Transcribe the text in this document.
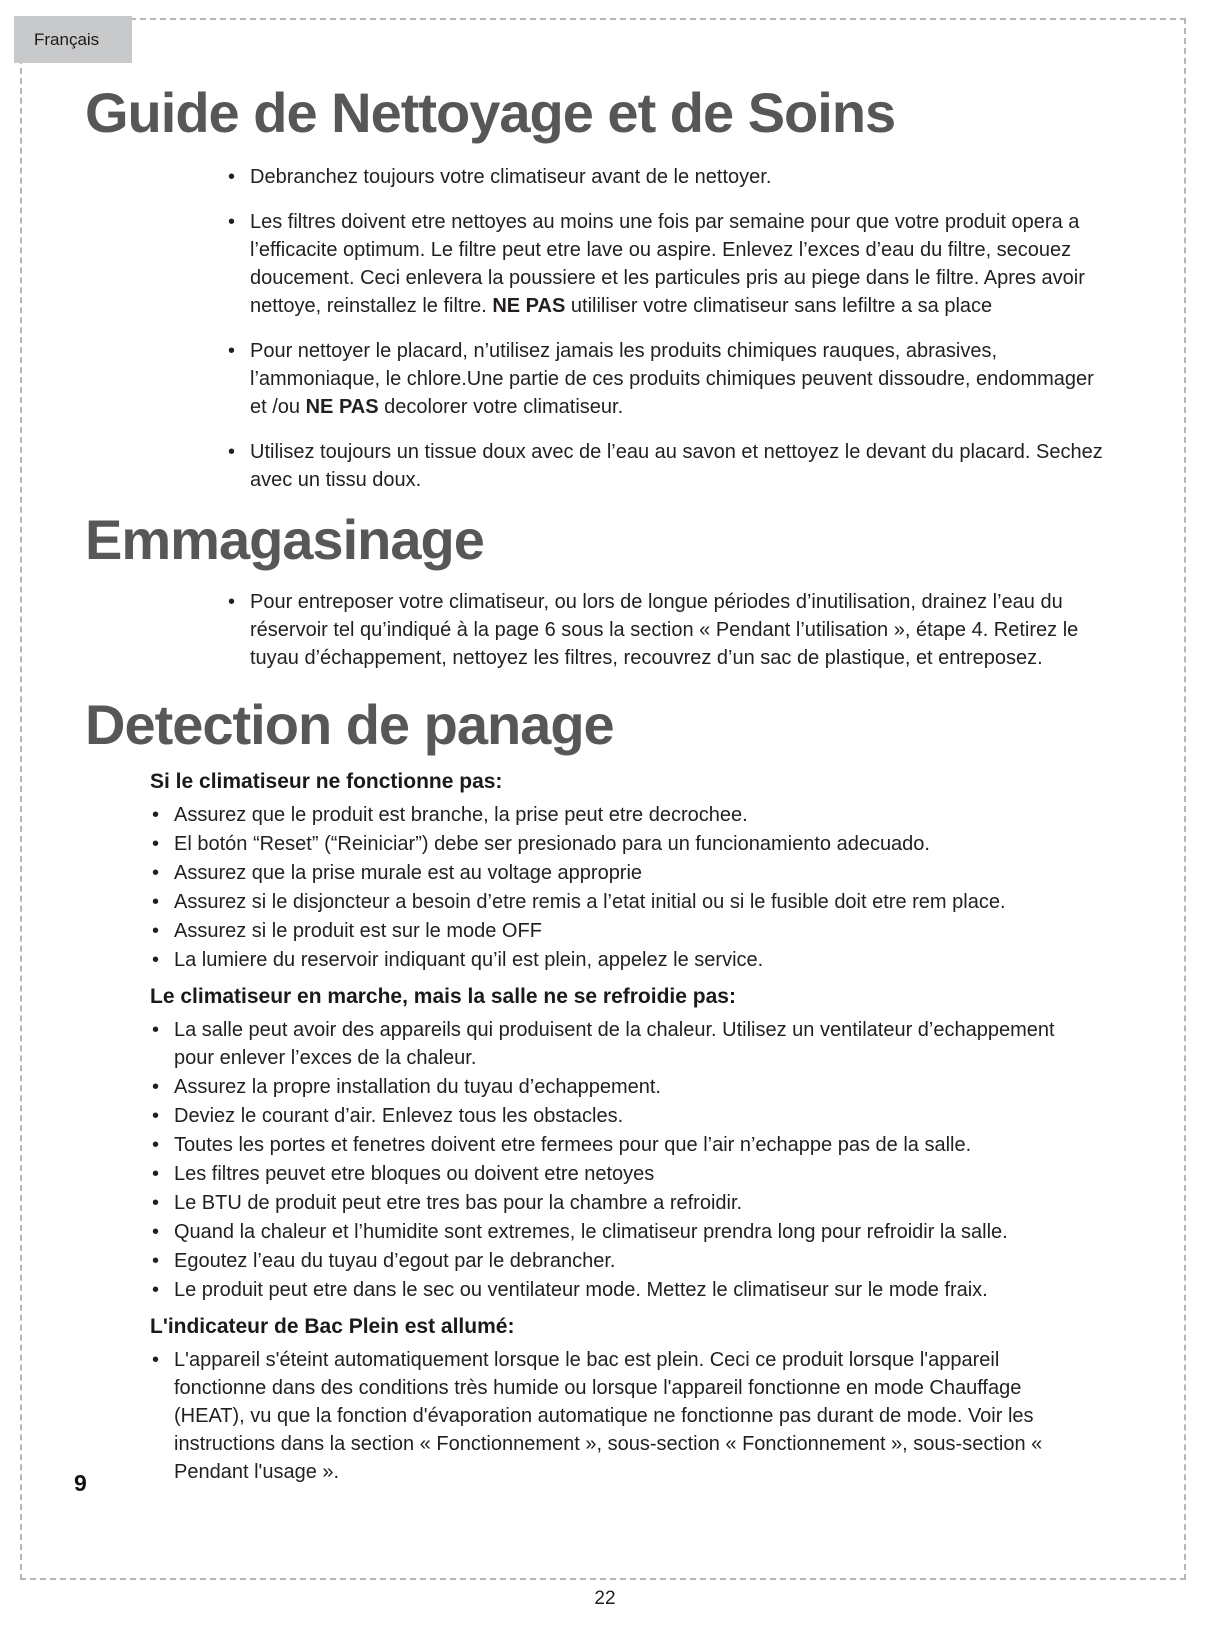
Français
Guide de Nettoyage et de Soins
• Debranchez toujours votre climatiseur avant de le nettoyer.
• Les filtres doivent etre nettoyes au moins une fois par semaine pour que votre produit opera a l’efficacite optimum. Le filtre peut etre lave ou aspire. Enlevez l’exces d’eau du filtre, secouez doucement. Ceci enlevera la poussiere et les particules pris au piege dans le filtre. Apres avoir nettoye, reinstallez le filtre. NE PAS utililiser votre climatiseur sans lefiltre a sa place
• Pour nettoyer le placard, n’utilisez jamais les produits chimiques rauques, abrasives, l’ammoniaque, le chlore.Une partie de ces produits chimiques peuvent dissoudre, endommager et /ou NE PAS decolorer votre climatiseur.
• Utilisez toujours un tissue doux avec de l’eau au savon et nettoyez le devant du placard. Sechez avec un tissu doux.
Emmagasinage
• Pour entreposer votre climatiseur, ou lors de longue périodes d’inutilisation, drainez l’eau du réservoir tel qu’indiqué à la page 6 sous la section « Pendant l’utilisation », étape 4. Retirez le tuyau d’échappement, nettoyez les filtres, recouvrez d’un sac de plastique, et entreposez.
Detection de panage
Si le climatiseur ne fonctionne pas:
• Assurez que le produit est branche, la prise peut etre decrochee.
• El botón “Reset” (“Reiniciar”) debe ser presionado para un funcionamiento adecuado.
• Assurez que la prise murale est au voltage approprie
• Assurez si le disjoncteur a besoin d’etre remis a l’etat initial ou si le fusible doit etre rem place.
• Assurez si le produit est sur le mode OFF
• La lumiere du reservoir indiquant qu’il est plein, appelez le service.
Le climatiseur en marche, mais la salle ne se refroidie pas:
• La salle peut avoir des appareils qui produisent de la chaleur. Utilisez un ventilateur d’echappement pour enlever l’exces de la chaleur.
• Assurez la propre installation du tuyau d’echappement.
• Deviez le courant d’air. Enlevez tous les obstacles.
• Toutes les portes et fenetres doivent etre fermees pour que l’air n’echappe pas de la salle.
• Les filtres peuvet etre bloques ou doivent etre netoyes
• Le BTU de produit peut etre tres bas pour la chambre a refroidir.
• Quand la chaleur et l’humidite sont extremes, le climatiseur prendra long pour refroidir la salle.
• Egoutez l’eau du tuyau d’egout par le debrancher.
• Le produit peut etre dans le sec ou ventilateur mode. Mettez le climatiseur sur le mode fraix.
L'indicateur de Bac Plein est allumé:
• L'appareil s'éteint automatiquement lorsque le bac est plein. Ceci ce produit lorsque l'appareil fonctionne dans des conditions très humide ou lorsque l'appareil fonctionne en mode Chauffage (HEAT), vu que la fonction d'évaporation automatique ne fonctionne pas durant de mode. Voir les instructions dans la section « Fonctionnement », sous-section « Fonctionnement », sous-section « Pendant l'usage ».
9
22
